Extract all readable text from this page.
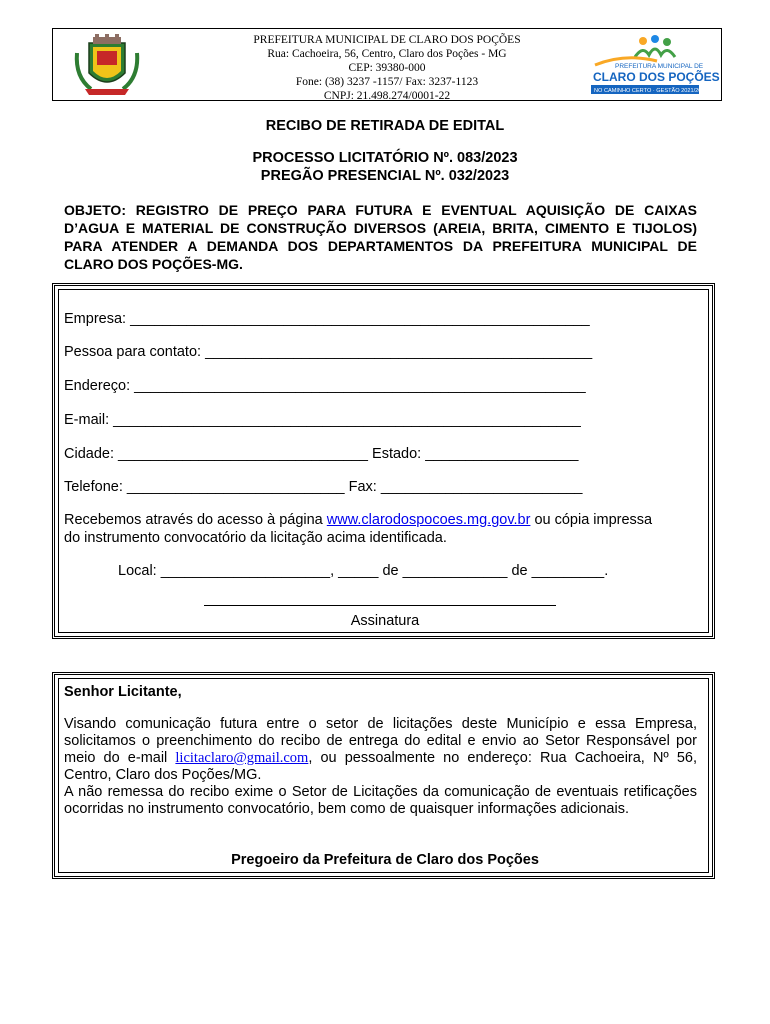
PREFEITURA MUNICIPAL DE CLARO DOS POÇÕES
Rua: Cachoeira, 56, Centro, Claro dos Poções - MG
CEP: 39380-000
Fone: (38) 3237 -1157/ Fax: 3237-1123
CNPJ: 21.498.274/0001-22
PREFEITURA MUNICIPAL DE
CLARO DOS POÇÕES
NO CAMINHO CERTO · GESTÃO 2021/2024
RECIBO DE RETIRADA DE EDITAL
PROCESSO LICITATÓRIO Nº. 083/2023
PREGÃO PRESENCIAL Nº. 032/2023
OBJETO: REGISTRO DE PREÇO PARA FUTURA E EVENTUAL AQUISIÇÃO DE CAIXAS D’AGUA E MATERIAL DE CONSTRUÇÃO DIVERSOS (AREIA, BRITA, CIMENTO E TIJOLOS) PARA ATENDER A DEMANDA DOS DEPARTAMENTOS DA PREFEITURA MUNICIPAL DE CLARO DOS POÇÕES-MG.
Empresa: _________________________________________________________
Pessoa para contato: ________________________________________________
Endereço: ________________________________________________________
E-mail: __________________________________________________________
Cidade: _______________________________ Estado: ___________________
Telefone: ___________________________ Fax: _________________________
Recebemos através do acesso à página www.clarodospocoes.mg.gov.br ou cópia impressa
do instrumento convocatório da licitação acima identificada.
Local: _____________________, _____ de _____________ de _________.
Assinatura
Senhor Licitante,

Visando comunicação futura entre o setor de licitações deste Município e essa Empresa, solicitamos o preenchimento do recibo de entrega do edital e envio ao Setor Responsável por meio do e-mail licitaclaro@gmail.com, ou pessoalmente no endereço: Rua Cachoeira, Nº 56, Centro, Claro dos Poções/MG.

A não remessa do recibo exime o Setor de Licitações da comunicação de eventuais retificações ocorridas no instrumento convocatório, bem como de quaisquer informações adicionais.

Pregoeiro da Prefeitura de Claro dos Poções
